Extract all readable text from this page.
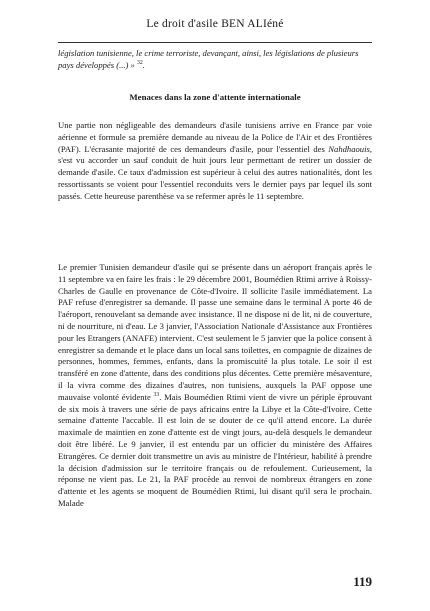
Le droit d'asile BEN ALIéné
législation tunisienne, le crime terroriste, devançant, ainsi, les législations de plusieurs pays développés (...) » $^{32}$.
Menaces dans la zone d'attente internationale
Une partie non négligeable des demandeurs d'asile tunisiens arrive en France par voie aérienne et formule sa première demande au niveau de la Police de l'Air et des Frontières (PAF). L'écrasante majorité de ces demandeurs d'asile, pour l'essentiel des Nahdhaouis, s'est vu accorder un sauf conduit de huit jours leur permettant de retirer un dossier de demande d'asile. Ce taux d'admission est supérieur à celui des autres nationalités, dont les ressortissants se voient pour l'essentiel reconduits vers le dernier pays par lequel ils sont passés. Cette heureuse parenthèse va se refermer après le 11 septembre.
Le premier Tunisien demandeur d'asile qui se présente dans un aéroport français après le 11 septembre va en faire les frais : le 29 décembre 2001, Boumédien Rtimi arrive à Roissy-Charles de Gaulle en provenance de Côte-d'Ivoire. Il sollicite l'asile immédiatement. La PAF refuse d'enregistrer sa demande. Il passe une semaine dans le terminal A porte 46 de l'aéroport, renouvelant sa demande avec insistance. Il ne dispose ni de lit, ni de couverture, ni de nourriture, ni d'eau. Le 3 janvier, l'Association Nationale d'Assistance aux Frontières pour les Etrangers (ANAFE) intervient. C'est seulement le 5 janvier que la police consent à enregistrer sa demande et le place dans un local sans toilettes, en compagnie de dizaines de personnes, hommes, femmes, enfants, dans la promiscuité la plus totale. Le soir il est transféré en zone d'attente, dans des conditions plus décentes. Cette première mésaventure, il la vivra comme des dizaines d'autres, non tunisiens, auxquels la PAF oppose une mauvaise volonté évidente $^{33}$. Mais Boumédien Rtimi vient de vivre un périple éprouvant de six mois à travers une série de pays africains entre la Libye et la Côte-d'Ivoire. Cette semaine d'attente l'accable. Il est loin de se douter de ce qu'il attend encore. La durée maximale de maintien en zone d'attente est de vingt jours, au-delà desquels le demandeur doit être libéré. Le 9 janvier, il est entendu par un officier du ministère des Affaires Etrangères. Ce dernier doit transmettre un avis au ministre de l'Intérieur, habilité à prendre la décision d'admission sur le territoire français ou de refoulement. Curieusement, la réponse ne vient pas. Le 21, la PAF procède au renvoi de nombreux étrangers en zone d'attente et les agents se moquent de Boumédien Rtimi, lui disant qu'il sera le prochain. Malade
119
